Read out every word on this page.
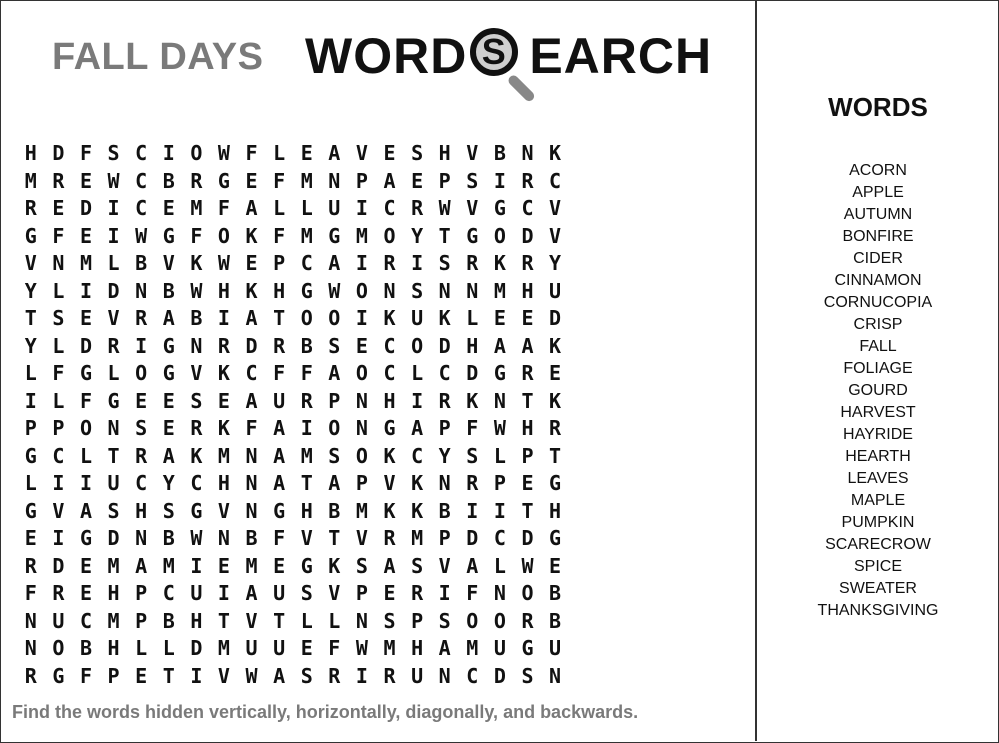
FALL DAYS WORD S EARCH
H D F S C I O W F L E A V E S H V B N K
M R E W C B R G E F M N P A E P S I R C
R E D I C E M F A L L U I C R W V G C V
G F E I W G F O K F M G M O Y T G O D V
V N M L B V K W E P C A I R I S R K R Y
Y L I D N B W H K H G W O N S N N M H U
T S E V R A B I A T O O I K U K L E E D
Y L D R I G N R D R B S E C O D H A A K
L F G L O G V K C F F A O C L C D G R E
I L F G E E S E A U R P N H I R K N T K
P P O N S E R K F A I O N G A P F W H R
G C L T R A K M N A M S O K C Y S L P T
L I I U C Y C H N A T A P V K N R P E G
G V A S H S G V N G H B M K K B I I T H
E I G D N B W N B F V T V R M P D C D G
R D E M A M I E M E G K S A S V A L W E
F R E H P C U I A U S V P E R I F N O B
N U C M P B H T V T L L N S P S O O R B
N O B H L L D M U U E F W M H A M U G U
R G F P E T I V W A S R I R U N C D S N
Find the words hidden vertically, horizontally, diagonally, and backwards.
WORDS
ACORN
APPLE
AUTUMN
BONFIRE
CIDER
CINNAMON
CORNUCOPIA
CRISP
FALL
FOLIAGE
GOURD
HARVEST
HAYRIDE
HEARTH
LEAVES
MAPLE
PUMPKIN
SCARECROW
SPICE
SWEATER
THANKSGIVING
